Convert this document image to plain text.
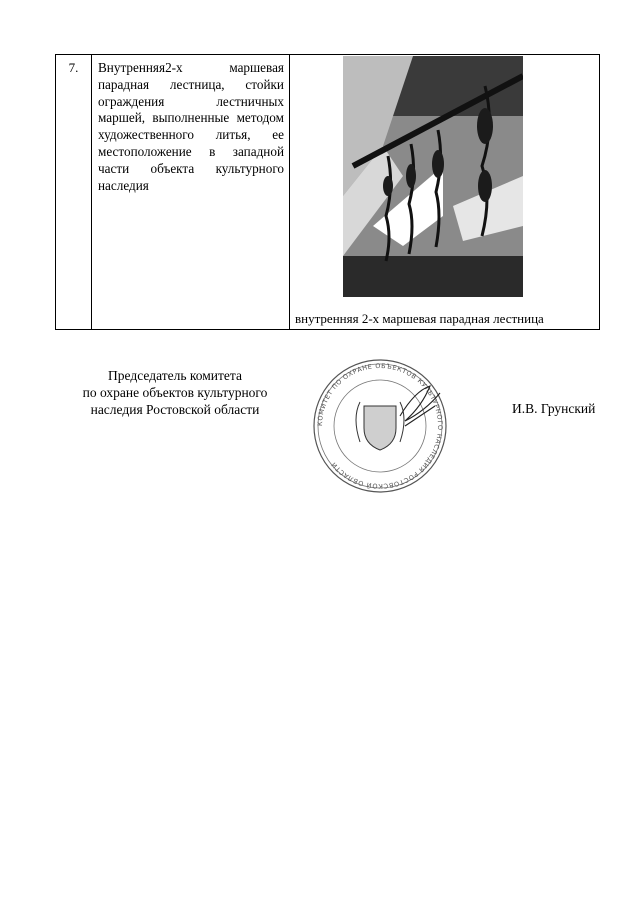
7.	Внутренняя2-х маршевая парадная лестница, стойки ограждения лестничных маршей, выполненные методом художественного литья, ее местоположение в западной части объекта культурного наследия

внутренняя 2-х маршевая парадная лестница
Председатель комитета
по охране объектов культурного
наследия Ростовской области
КОМИТЕТ ПО ОХРАНЕ ОБЪЕКТОВ КУЛЬТУРНОГО НАСЛЕДИЯ РОСТОВСКОЙ ОБЛАСТИ
И.В. Грунский
